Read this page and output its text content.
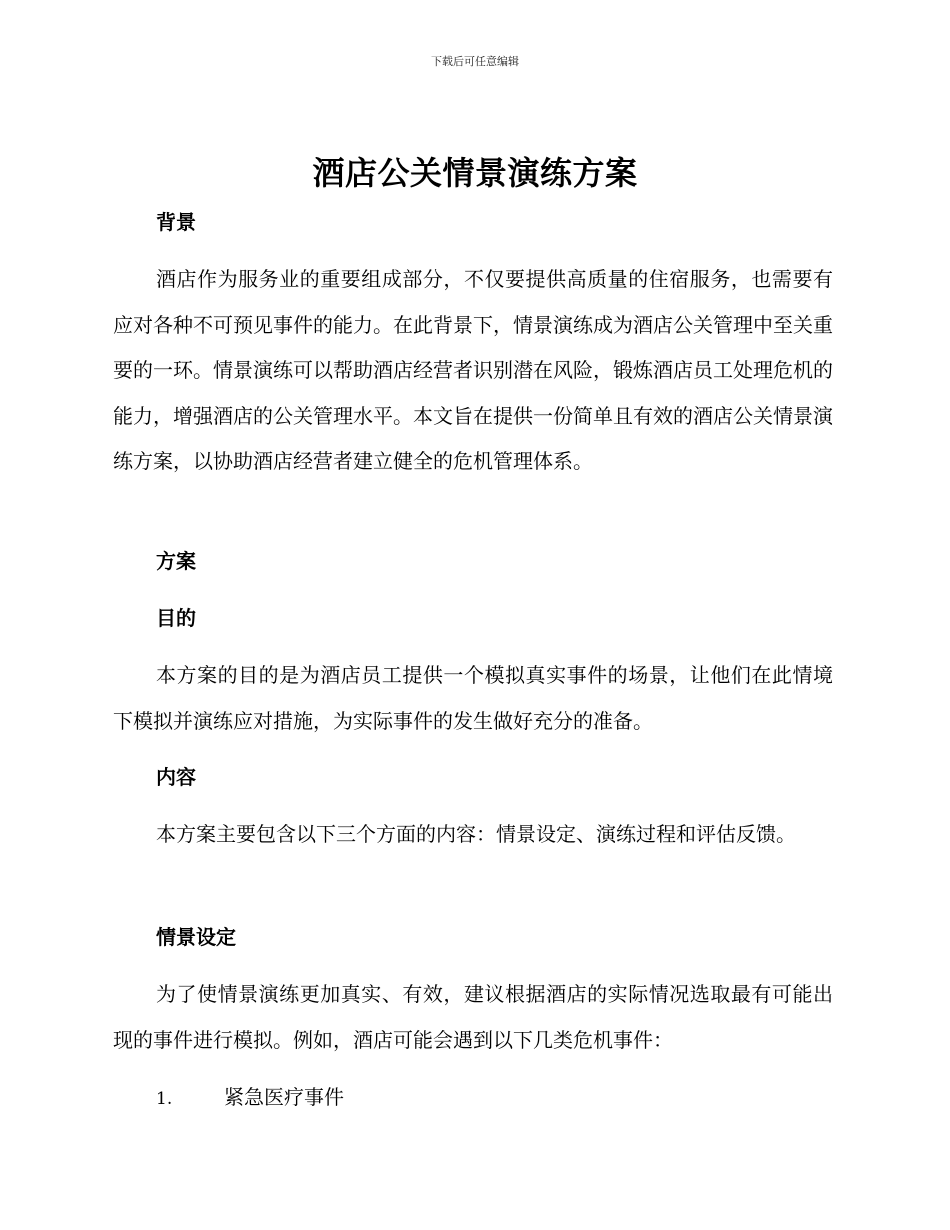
下载后可任意编辑
酒店公关情景演练方案
背景

酒店作为服务业的重要组成部分，不仅要提供高质量的住宿服务，也需要有应对各种不可预见事件的能力。在此背景下，情景演练成为酒店公关管理中至关重要的一环。情景演练可以帮助酒店经营者识别潜在风险，锻炼酒店员工处理危机的能力，增强酒店的公关管理水平。本文旨在提供一份简单且有效的酒店公关情景演练方案，以协助酒店经营者建立健全的危机管理体系。

方案
目的

本方案的目的是为酒店员工提供一个模拟真实事件的场景，让他们在此情境下模拟并演练应对措施，为实际事件的发生做好充分的准备。

内容

本方案主要包含以下三个方面的内容：情景设定、演练过程和评估反馈。

情景设定

为了使情景演练更加真实、有效，建议根据酒店的实际情况选取最有可能出现的事件进行模拟。例如，酒店可能会遇到以下几类危机事件：

1.	紧急医疗事件
